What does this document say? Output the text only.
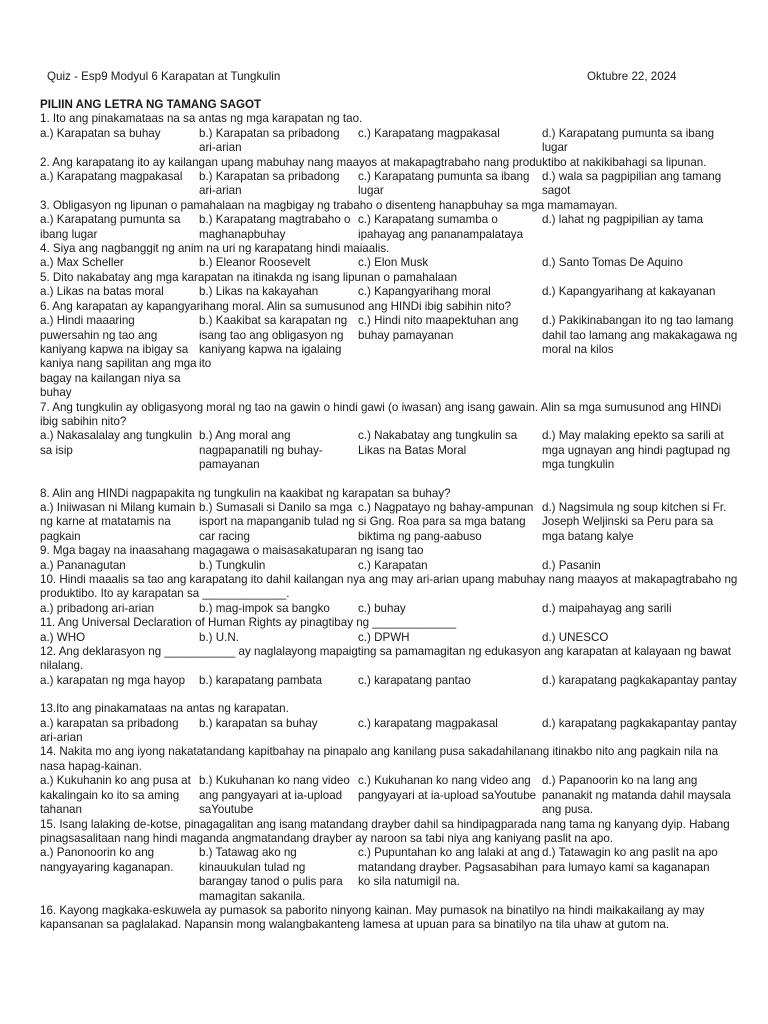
Quiz - Esp9 Modyul 6 Karapatan at Tungkulin	Oktubre 22, 2024
PILIIN ANG LETRA NG TAMANG SAGOT
1. Ito ang pinakamataas na sa antas ng mga karapatan ng tao.
a.) Karapatan sa buhay	b.) Karapatan sa pribadong ari-arian
c.) Karapatang magpakasal	d.) Karapatang pumunta sa ibang lugar
2. Ang karapatang ito ay kailangan upang mabuhay nang maayos at makapagtrabaho nang produktibo at nakikibahagi sa lipunan.
a.) Karapatang magpakasal	b.) Karapatan sa pribadong ari-arian
c.) Karapatang pumunta sa ibang lugar
d.) wala sa pagpipilian ang tamang sagot
3. Obligasyon ng lipunan o pamahalaan na magbigay ng trabaho o disenteng hanapbuhay sa mga mamamayan.
a.) Karapatang pumunta sa ibang lugar
b.) Karapatang magtrabaho o maghanapbuhay
c.) Karapatang sumamba o ipahayag ang pananampalataya
d.) lahat ng pagpipilian ay tama
4. Siya ang nagbanggit ng anim na uri ng karapatang hindi maiaalis.
a.) Max Scheller	b.) Eleanor Roosevelt	c.) Elon Musk	d.) Santo Tomas De Aquino
5. Dito nakabatay ang mga karapatan na itinakda ng isang lipunan o pamahalaan
a.) Likas na batas moral	b.) Likas na kakayahan	c.) Kapangyarihang moral	d.) Kapangyarihang at kakayanan
6. Ang karapatan ay kapangyarihang moral. Alin sa sumusunod ang HINDi ibig sabihin nito?
a.) Hindi maaaring puwersahin ng tao ang kaniyang kapwa na ibigay sa kaniya nang sapilitan ang mga bagay na kailangan niya sa buhay
b.) Kaakibat sa karapatan ng isang tao ang obligasyon ng kaniyang kapwa na igalaing ito
c.) Hindi nito maapektuhan ang buhay pamayanan
d.) Pakikinabangan ito ng tao lamang dahil tao lamang ang makakagawa ng moral na kilos
7. Ang tungkulin ay obligasyong moral ng tao na gawin o hindi gawi (o iwasan) ang isang gawain. Alin sa mga sumusunod ang HINDi ibig sabihin nito?
a.) Nakasalalay ang tungkulin sa isip
b.) Ang moral ang nagpapanatili ng buhay-pamayanan
c.) Nakabatay ang tungkulin sa Likas na Batas Moral
d.) May malaking epekto sa sarili at mga ugnayan ang hindi pagtupad ng mga tungkulin
8. Alin ang HINDi nagpapakita ng tungkulin na kaakibat ng karapatan sa buhay?
a.) Iniiwasan ni Milang kumain ng karne at matatamis na pagkain
b.) Sumasali si Danilo sa mga isport na mapanganib tulad ng car racing
c.) Nagpatayo ng bahay-ampunan si Gng. Roa para sa mga batang biktima ng pang-aabuso
d.) Nagsimula ng soup kitchen si Fr. Joseph Weljinski sa Peru para sa mga batang kalye
9. Mga bagay na inaasahang magagawa o maisasakatuparan ng isang tao
a.) Pananagutan	b.) Tungkulin	c.) Karapatan	d.) Pasanin
10. Hindi maaalis sa tao ang karapatang ito dahil kailangan nya ang may ari-arian upang mabuhay nang maayos at makapagtrabaho ng produktibo. Ito ay karapatan sa _____________.
a.) pribadong ari-arian	b.) mag-impok sa bangko	c.) buhay	d.) maipahayag ang sarili
11. Ang Universal Declaration of Human Rights ay pinagtibay ng _____________
a.) WHO	b.) U.N.	c.) DPWH	d.) UNESCO
12. Ang deklarasyon ng ___________ ay naglalayong mapaigting sa pamamagitan ng edukasyon ang karapatan at kalayaan ng bawat nilalang.
a.) karapatan ng mga hayop	b.) karapatang pambata	c.) karapatang pantao	d.) karapatang pagkakapantay pantay
13.Ito ang pinakamataas na antas ng karapatan.
a.) karapatan sa pribadong ari-arian
b.) karapatan sa buhay	c.) karapatang magpakasal	d.) karapatang pagkakapantay pantay
14. Nakita mo ang iyong nakatatandang kapitbahay na pinapalo ang kanilang pusa sakadahilanang itinakbo nito ang pagkain nila na nasa hapag-kainan.
a.) Kukuhanin ko ang pusa at kakalingain ko ito sa aming tahanan
b.) Kukuhanan ko nang video ang pangyayari at ia-upload saYoutube
c.) Kukuhanan ko nang video ang pangyayari at ia-upload saYoutube
d.) Papanoorin ko na lang ang pananakit ng matanda dahil maysala ang pusa.
15. Isang lalaking de-kotse, pinagagalitan ang isang matandang drayber dahil sa hindipagparada nang tama ng kanyang dyip. Habang pinagsasalitaan nang hindi maganda angmatandang drayber ay naroon sa tabi niya ang kaniyang paslit na apo.
a.) Panonoorin ko ang nangyayaring kaganapan.
b.) Tatawag ako ng kinauukulan tulad ng barangay tanod o pulis para mamagitan sakanila.
c.) Pupuntahan ko ang lalaki at ang matandang drayber. Pagsasabihan ko sila natumigil na.
d.) Tatawagin ko ang paslit na apo para lumayo kami sa kaganapan
16. Kayong magkaka-eskuwela ay pumasok sa paborito ninyong kainan. May pumasok na binatilyo na hindi maikakailang ay may kapansanan sa paglalakad. Napansin mong walangbakanteng lamesa at upuan para sa binatilyo na tila uhaw at gutom na.
